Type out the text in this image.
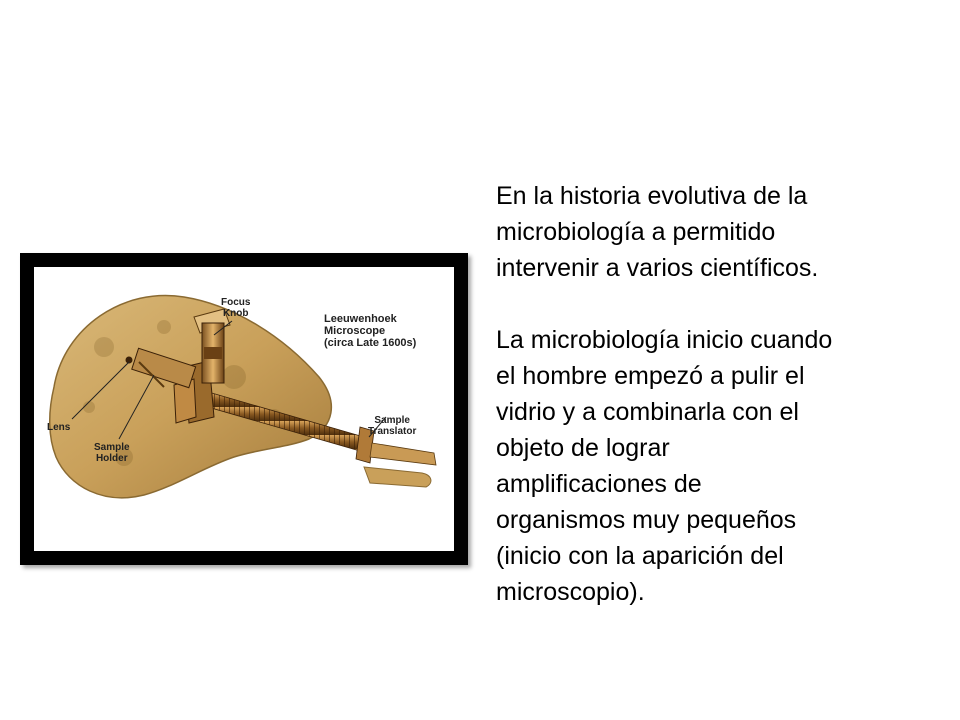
Focus
Knob	Leeuwenhoek
Microscope
(circa Late 1600s)
Lens
Sample
Holder
Sample
Translator

En la historia evolutiva de la
microbiología a permitido
intervenir a varios científicos.

La microbiología inicio cuando
el hombre empezó a pulir el
vidrio y a combinarla con el
objeto de lograr
amplificaciones de
organismos muy pequeños
(inicio con la aparición del
microscopio).
